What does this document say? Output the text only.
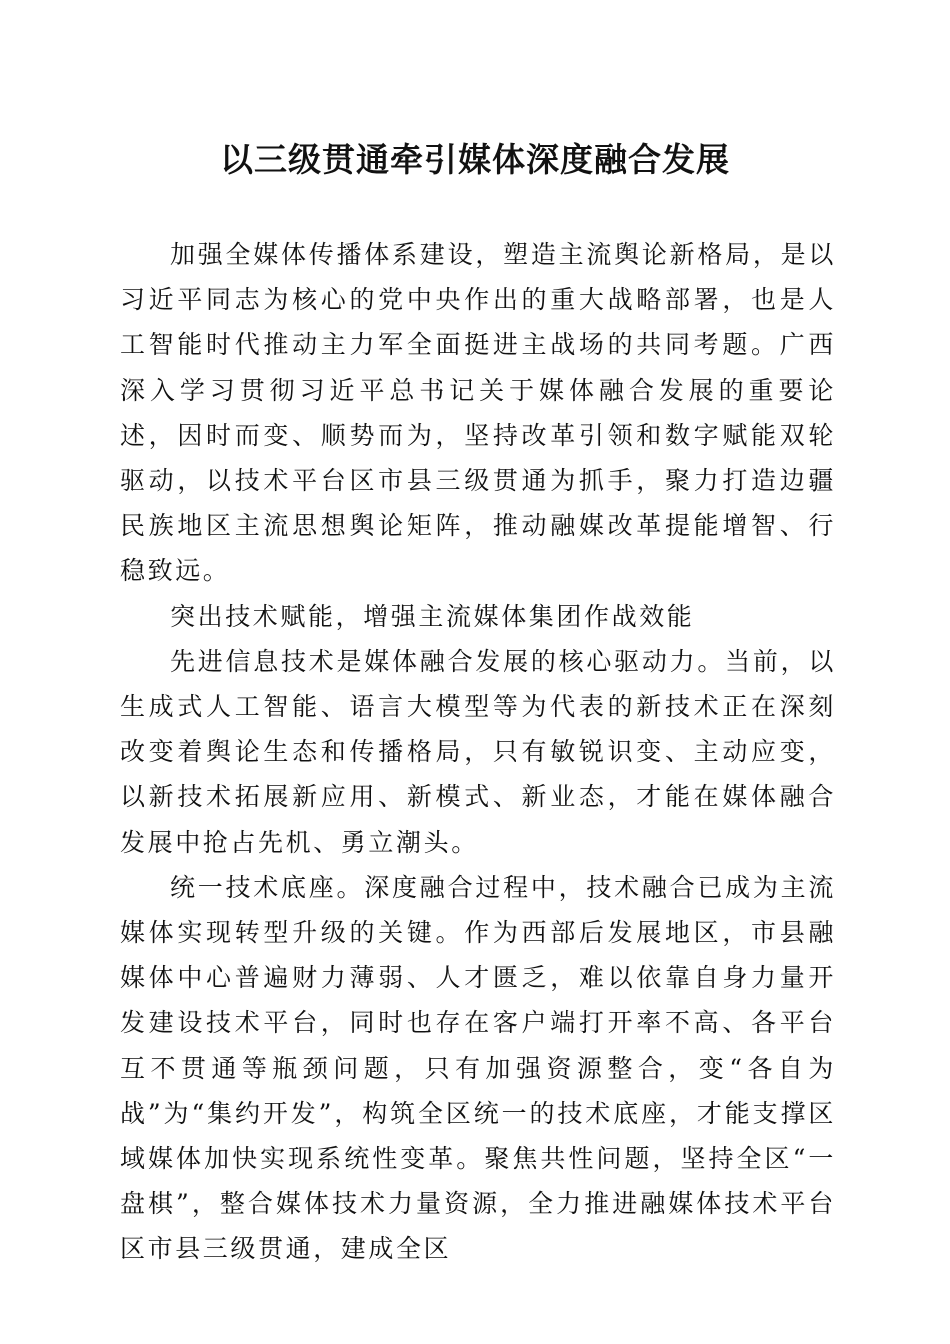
以三级贯通牵引媒体深度融合发展

加强全媒体传播体系建设，塑造主流舆论新格局，是以习近平同志为核心的党中央作出的重大战略部署，也是人工智能时代推动主力军全面挺进主战场的共同考题。广西深入学习贯彻习近平总书记关于媒体融合发展的重要论述，因时而变、顺势而为，坚持改革引领和数字赋能双轮驱动，以技术平台区市县三级贯通为抓手，聚力打造边疆民族地区主流思想舆论矩阵，推动融媒改革提能增智、行稳致远。

突出技术赋能，增强主流媒体集团作战效能

先进信息技术是媒体融合发展的核心驱动力。当前，以生成式人工智能、语言大模型等为代表的新技术正在深刻改变着舆论生态和传播格局，只有敏锐识变、主动应变，以新技术拓展新应用、新模式、新业态，才能在媒体融合发展中抢占先机、勇立潮头。

统一技术底座。深度融合过程中，技术融合已成为主流媒体实现转型升级的关键。作为西部后发展地区，市县融媒体中心普遍财力薄弱、人才匮乏，难以依靠自身力量开发建设技术平台，同时也存在客户端打开率不高、各平台互不贯通等瓶颈问题，只有加强资源整合，变“各自为战”为“集约开发”，构筑全区统一的技术底座，才能支撑区域媒体加快实现系统性变革。聚焦共性问题，坚持全区“一盘棋”，整合媒体技术力量资源，全力推进融媒体技术平台区市县三级贯通，建成全区
